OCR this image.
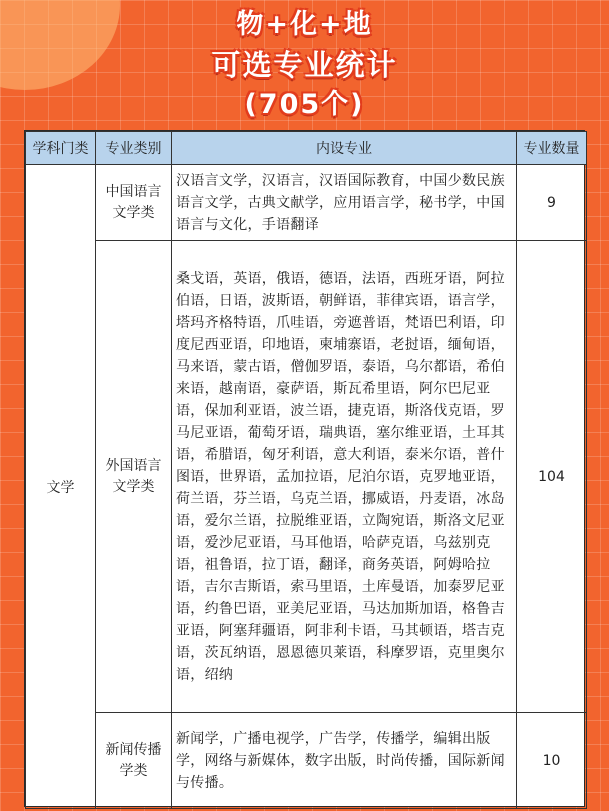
物+化+地
可选专业统计
(705个)
学科门类	专业类别	内设专业	专业数量
文学	中国语言文学类	汉语言文学，汉语言，汉语国际教育，中国少数民族语言文学，古典文献学，应用语言学，秘书学，中国语言与文化，手语翻译	9
	外国语言文学类	桑戈语，英语，俄语，德语，法语，西班牙语，阿拉伯语，日语，波斯语，朝鲜语，菲律宾语，语言学，塔玛齐格特语，爪哇语，旁遮普语，梵语巴利语，印度尼西亚语，印地语，柬埔寨语，老挝语，缅甸语，马来语，蒙古语，僧伽罗语，泰语，乌尔都语，希伯来语，越南语，豪萨语，斯瓦希里语，阿尔巴尼亚语，保加利亚语，波兰语，捷克语，斯洛伐克语，罗马尼亚语，葡萄牙语，瑞典语，塞尔维亚语，土耳其语，希腊语，匈牙利语，意大利语，泰米尔语，普什图语，世界语，孟加拉语，尼泊尔语，克罗地亚语，荷兰语，芬兰语，乌克兰语，挪威语，丹麦语，冰岛语，爱尔兰语，拉脱维亚语，立陶宛语，斯洛文尼亚语，爱沙尼亚语，马耳他语，哈萨克语，乌兹别克语，祖鲁语，拉丁语，翻译，商务英语，阿姆哈拉语，吉尔吉斯语，索马里语，土库曼语，加泰罗尼亚语，约鲁巴语，亚美尼亚语，马达加斯加语，格鲁吉亚语，阿塞拜疆语，阿非利卡语，马其顿语，塔吉克语，茨瓦纳语，恩恩德贝莱语，科摩罗语，克里奥尔语，绍纳	104
	新闻传播学类	新闻学，广播电视学，广告学，传播学，编辑出版学，网络与新媒体，数字出版，时尚传播，国际新闻与传播。	10
